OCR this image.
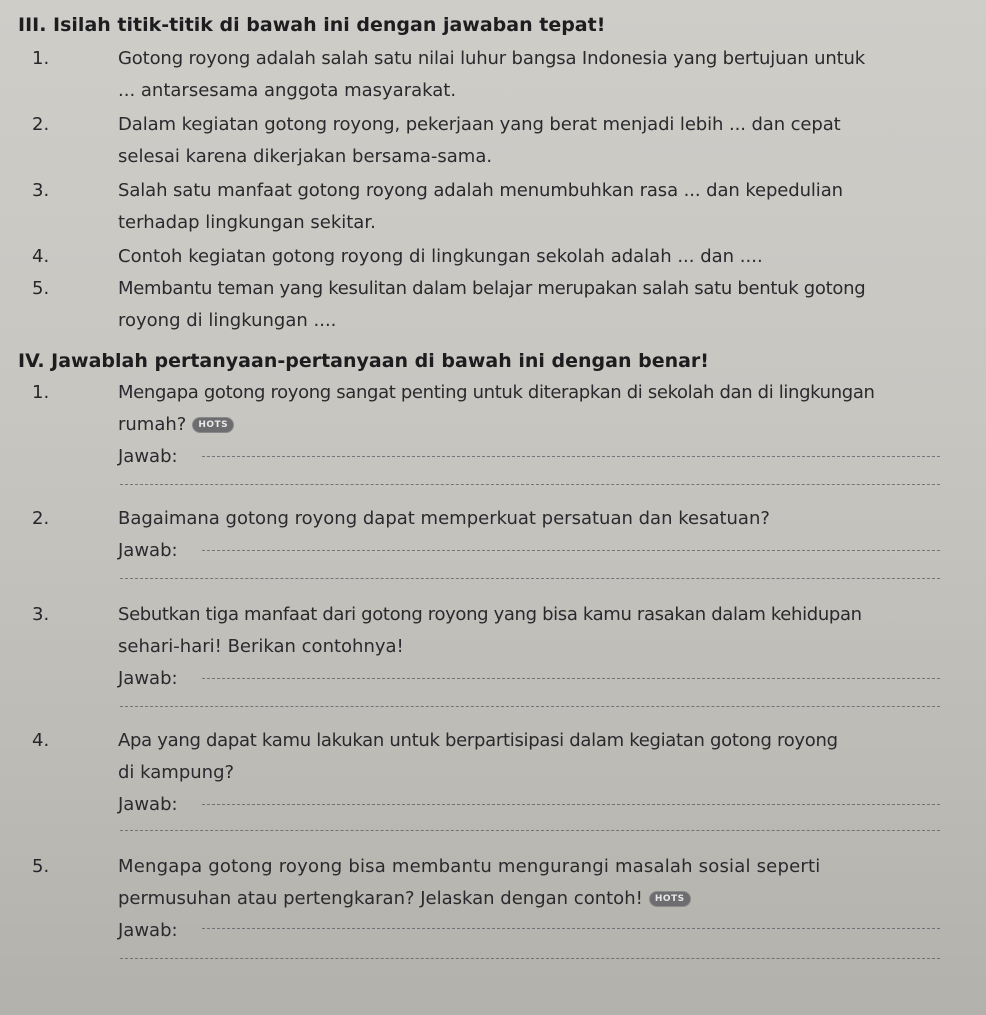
III. Isilah titik-titik di bawah ini dengan jawaban tepat!
1.	Gotong royong adalah salah satu nilai luhur bangsa Indonesia yang bertujuan untuk
... antarsesama anggota masyarakat.
2.	Dalam kegiatan gotong royong, pekerjaan yang berat menjadi lebih ... dan cepat
selesai karena dikerjakan bersama-sama.
3.	Salah satu manfaat gotong royong adalah menumbuhkan rasa ... dan kepedulian
terhadap lingkungan sekitar.
4.	Contoh kegiatan gotong royong di lingkungan sekolah adalah ... dan ....
5.	Membantu teman yang kesulitan dalam belajar merupakan salah satu bentuk gotong
royong di lingkungan ....
IV. Jawablah pertanyaan-pertanyaan di bawah ini dengan benar!
1.	Mengapa gotong royong sangat penting untuk diterapkan di sekolah dan di lingkungan
rumah? HOTS
Jawab:
2.	Bagaimana gotong royong dapat memperkuat persatuan dan kesatuan?
Jawab:
3.	Sebutkan tiga manfaat dari gotong royong yang bisa kamu rasakan dalam kehidupan
sehari-hari! Berikan contohnya!
Jawab:
4.	Apa yang dapat kamu lakukan untuk berpartisipasi dalam kegiatan gotong royong
di kampung?
Jawab:
5.	Mengapa gotong royong bisa membantu mengurangi masalah sosial seperti
permusuhan atau pertengkaran? Jelaskan dengan contoh! HOTS
Jawab:
